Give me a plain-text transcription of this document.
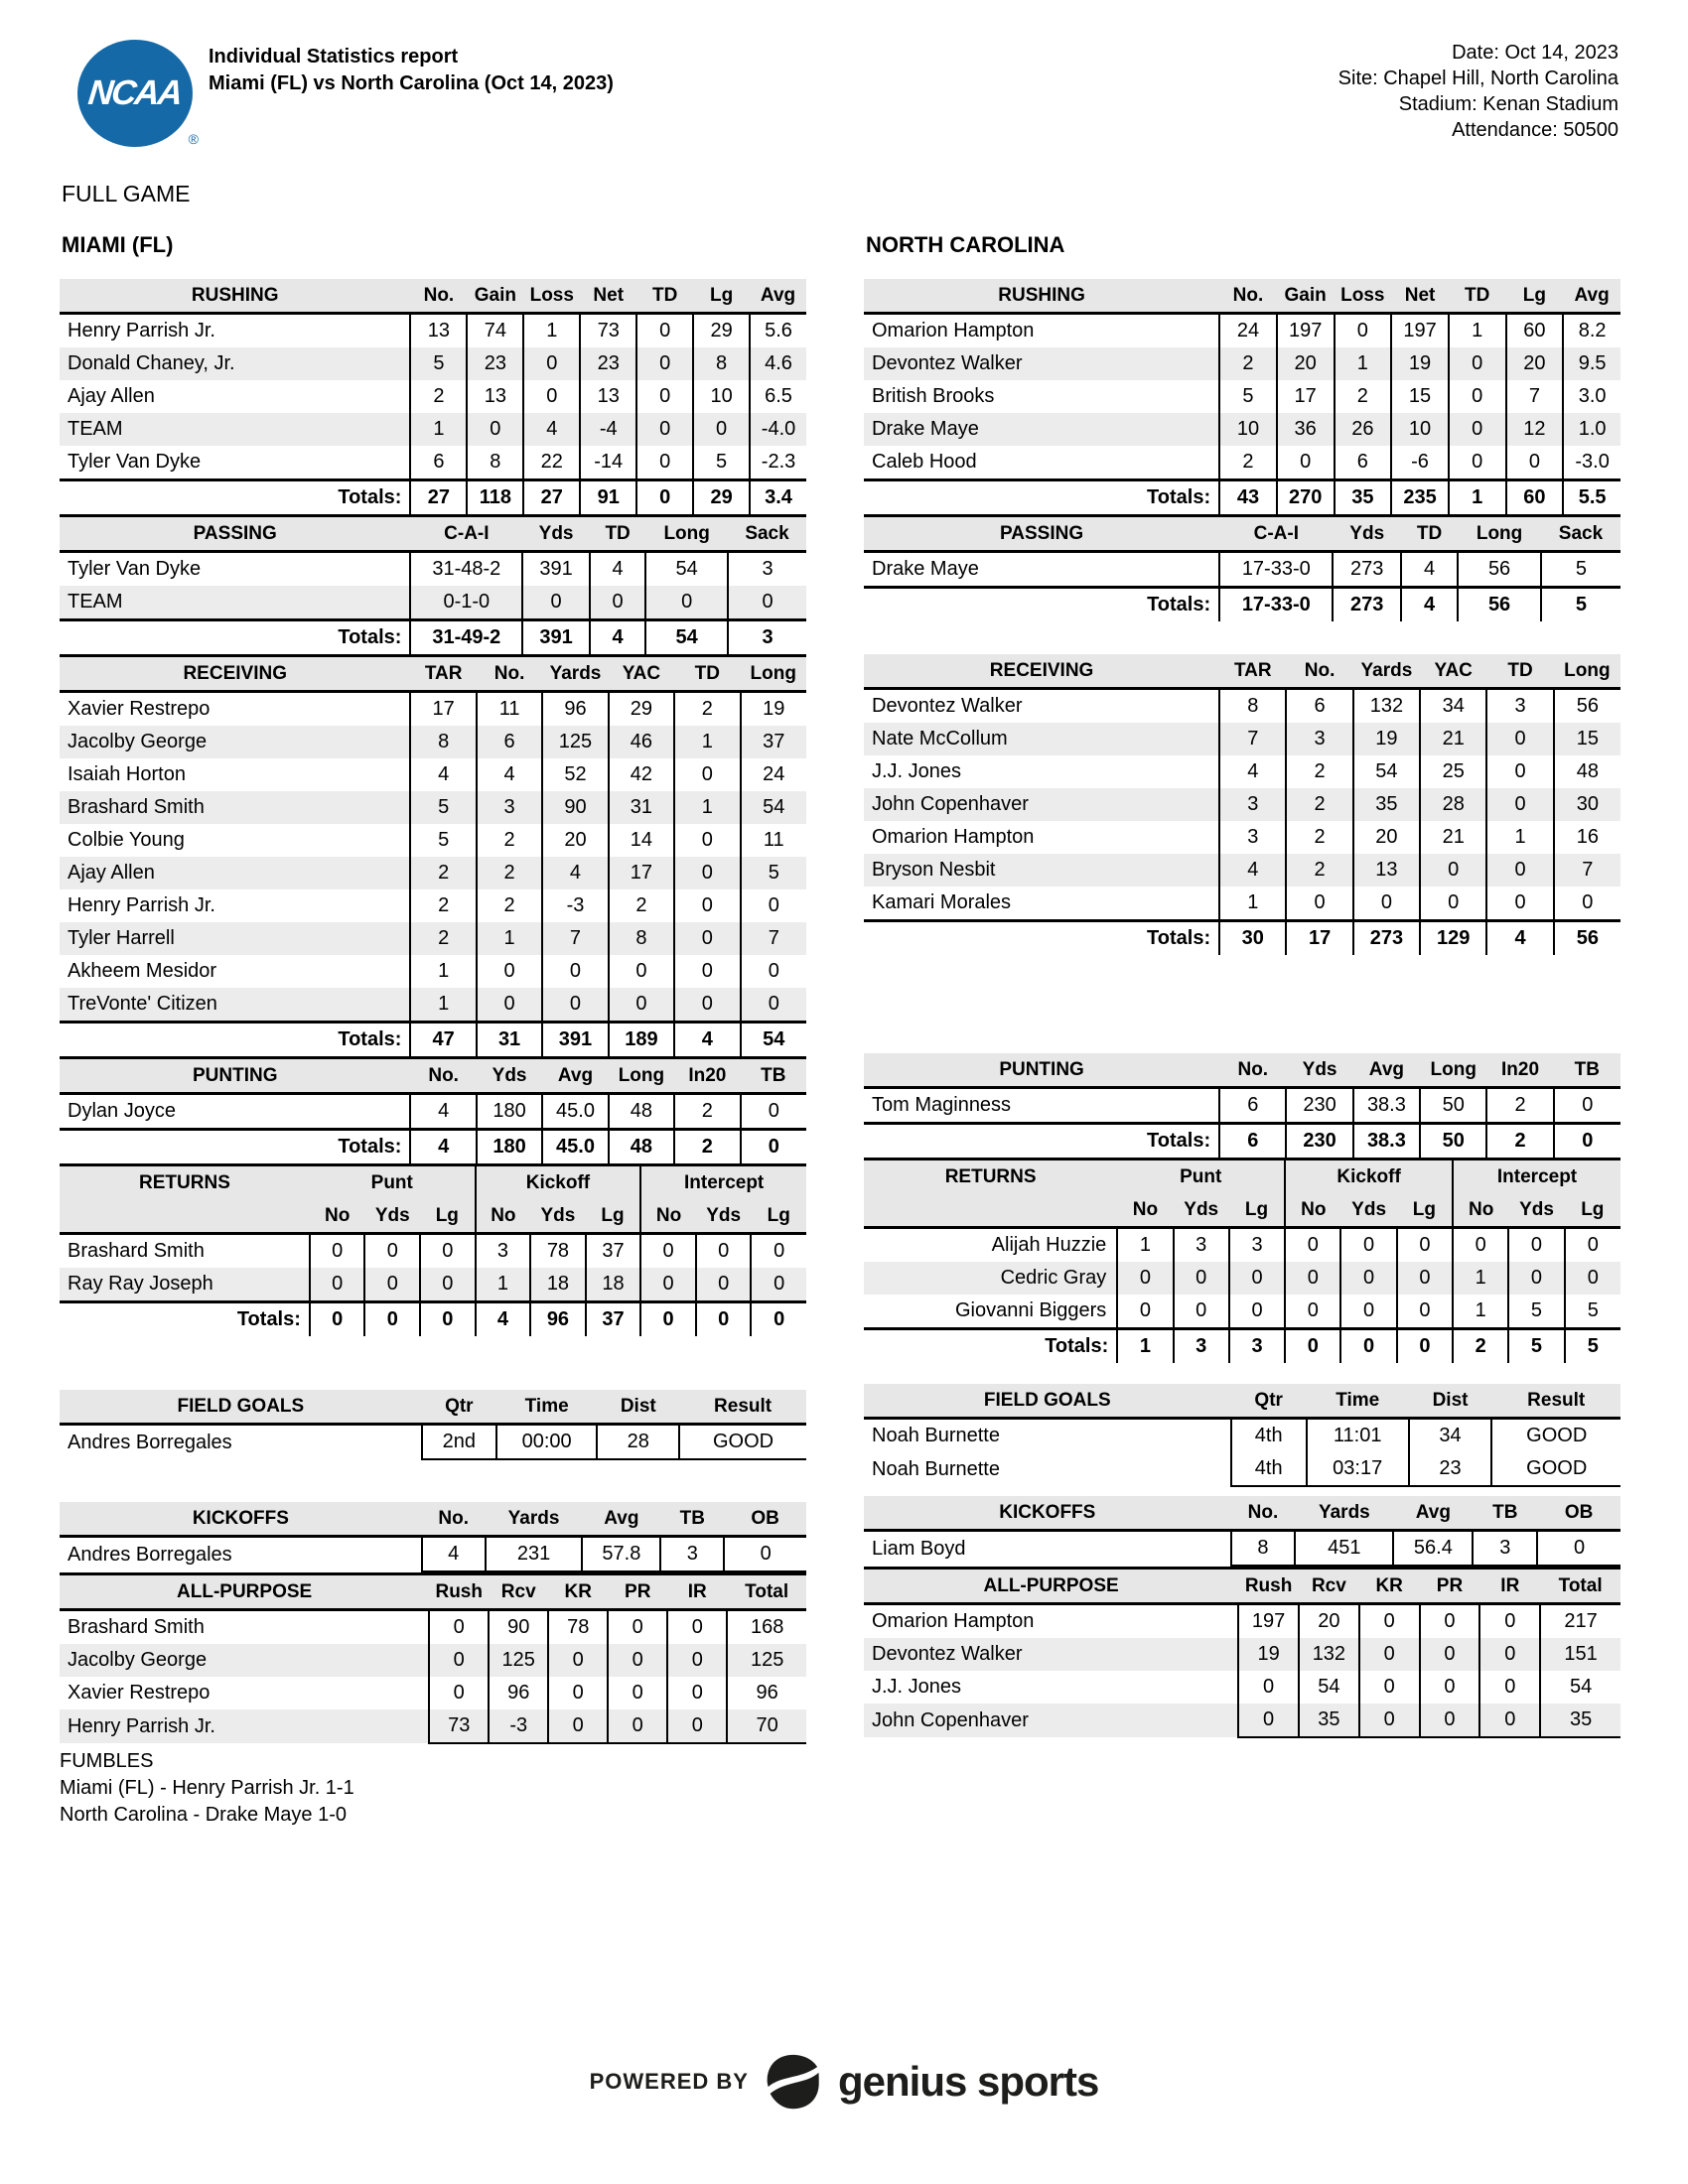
NCAA
®
Individual Statistics report
Miami (FL) vs North Carolina (Oct 14, 2023)
Date: Oct 14, 2023
Site: Chapel Hill, North Carolina
Stadium: Kenan Stadium
Attendance: 50500
FULL GAME
MIAMI (FL)	NORTH CAROLINA
RUSHING	No.	Gain	Loss	Net	TD	Lg	Avg
Henry Parrish Jr.	13	74	1	73	0	29	5.6
Donald Chaney, Jr.	5	23	0	23	0	8	4.6
Ajay Allen	2	13	0	13	0	10	6.5
TEAM	1	0	4	-4	0	0	-4.0
Tyler Van Dyke	6	8	22	-14	0	5	-2.3
Totals:	27	118	27	91	0	29	3.4
PASSING	C-A-I	Yds	TD	Long	Sack
Tyler Van Dyke	31-48-2	391	4	54	3
TEAM	0-1-0	0	0	0	0
Totals:	31-49-2	391	4	54	3
RECEIVING	TAR	No.	Yards	YAC	TD	Long
Xavier Restrepo	17	11	96	29	2	19
Jacolby George	8	6	125	46	1	37
Isaiah Horton	4	4	52	42	0	24
Brashard Smith	5	3	90	31	1	54
Colbie Young	5	2	20	14	0	11
Ajay Allen	2	2	4	17	0	5
Henry Parrish Jr.	2	2	-3	2	0	0
Tyler Harrell	2	1	7	8	0	7
Akheem Mesidor	1	0	0	0	0	0
TreVonte' Citizen	1	0	0	0	0	0
Totals:	47	31	391	189	4	54
PUNTING	No.	Yds	Avg	Long	In20	TB
Dylan Joyce	4	180	45.0	48	2	0
Totals:	4	180	45.0	48	2	0
RETURNS	Punt			Kickoff			Intercept		
	No	Yds	Lg	No	Yds	Lg	No	Yds	Lg
Brashard Smith	0	0	0	3	78	37	0	0	0
Ray Ray Joseph	0	0	0	1	18	18	0	0	0
Totals:	0	0	0	4	96	37	0	0	0
FIELD GOALS	Qtr	Time	Dist	Result
Andres Borregales	2nd	00:00	28	GOOD
KICKOFFS	No.	Yards	Avg	TB	OB
Andres Borregales	4	231	57.8	3	0
ALL-PURPOSE	Rush	Rcv	KR	PR	IR	Total
Brashard Smith	0	90	78	0	0	168
Jacolby George	0	125	0	0	0	125
Xavier Restrepo	0	96	0	0	0	96
Henry Parrish Jr.	73	-3	0	0	0	70
FUMBLES
Miami (FL) - Henry Parrish Jr. 1-1
North Carolina - Drake Maye 1-0
RUSHING	No.	Gain	Loss	Net	TD	Lg	Avg
Omarion Hampton	24	197	0	197	1	60	8.2
Devontez Walker	2	20	1	19	0	20	9.5
British Brooks	5	17	2	15	0	7	3.0
Drake Maye	10	36	26	10	0	12	1.0
Caleb Hood	2	0	6	-6	0	0	-3.0
Totals:	43	270	35	235	1	60	5.5
PASSING	C-A-I	Yds	TD	Long	Sack
Drake Maye	17-33-0	273	4	56	5
Totals:	17-33-0	273	4	56	5
RECEIVING	TAR	No.	Yards	YAC	TD	Long
Devontez Walker	8	6	132	34	3	56
Nate McCollum	7	3	19	21	0	15
J.J. Jones	4	2	54	25	0	48
John Copenhaver	3	2	35	28	0	30
Omarion Hampton	3	2	20	21	1	16
Bryson Nesbit	4	2	13	0	0	7
Kamari Morales	1	0	0	0	0	0
Totals:	30	17	273	129	4	56
PUNTING	No.	Yds	Avg	Long	In20	TB
Tom Maginness	6	230	38.3	50	2	0
Totals:	6	230	38.3	50	2	0
RETURNS	Punt			Kickoff			Intercept		
	No	Yds	Lg	No	Yds	Lg	No	Yds	Lg
Alijah Huzzie	1	3	3	0	0	0	0	0	0
Cedric Gray	0	0	0	0	0	0	1	0	0
Giovanni Biggers	0	0	0	0	0	0	1	5	5
Totals:	1	3	3	0	0	0	2	5	5
FIELD GOALS	Qtr	Time	Dist	Result
Noah Burnette	4th	11:01	34	GOOD
Noah Burnette	4th	03:17	23	GOOD
KICKOFFS	No.	Yards	Avg	TB	OB
Liam Boyd	8	451	56.4	3	0
ALL-PURPOSE	Rush	Rcv	KR	PR	IR	Total
Omarion Hampton	197	20	0	0	0	217
Devontez Walker	19	132	0	0	0	151
J.J. Jones	0	54	0	0	0	54
John Copenhaver	0	35	0	0	0	35
POWERED BY genius sports
